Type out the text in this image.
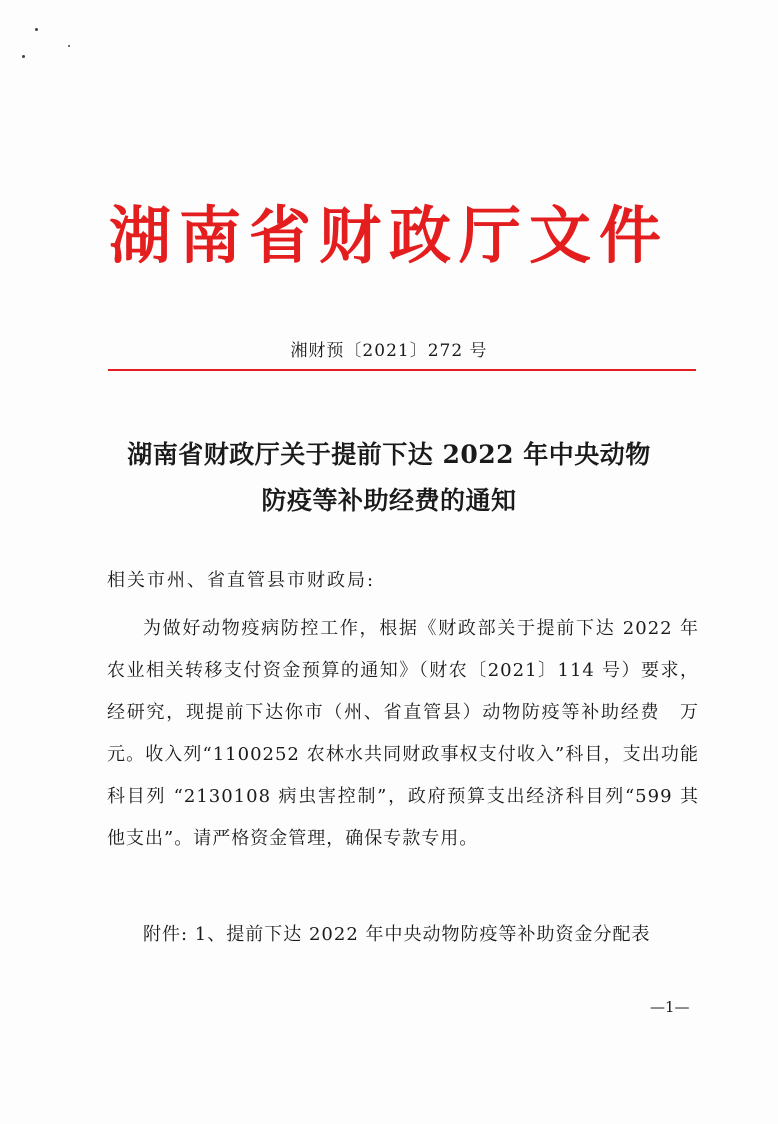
湖南省财政厅文件
湘财预〔2021〕272 号
湖南省财政厅关于提前下达 2022 年中央动物
防疫等补助经费的通知
相关市州、省直管县市财政局:
为做好动物疫病防控工作，根据《财政部关于提前下达 2022 年农业相关转移支付资金预算的通知》（财农〔2021〕114 号）要求，经研究，现提前下达你市（州、省直管县）动物防疫等补助经费　万元。收入列“1100252 农林水共同财政事权支付收入”科目，支出功能科目列 “2130108 病虫害控制”，政府预算支出经济科目列“599 其他支出”。请严格资金管理，确保专款专用。
附件: 1、提前下达 2022 年中央动物防疫等补助资金分配表
—1—
